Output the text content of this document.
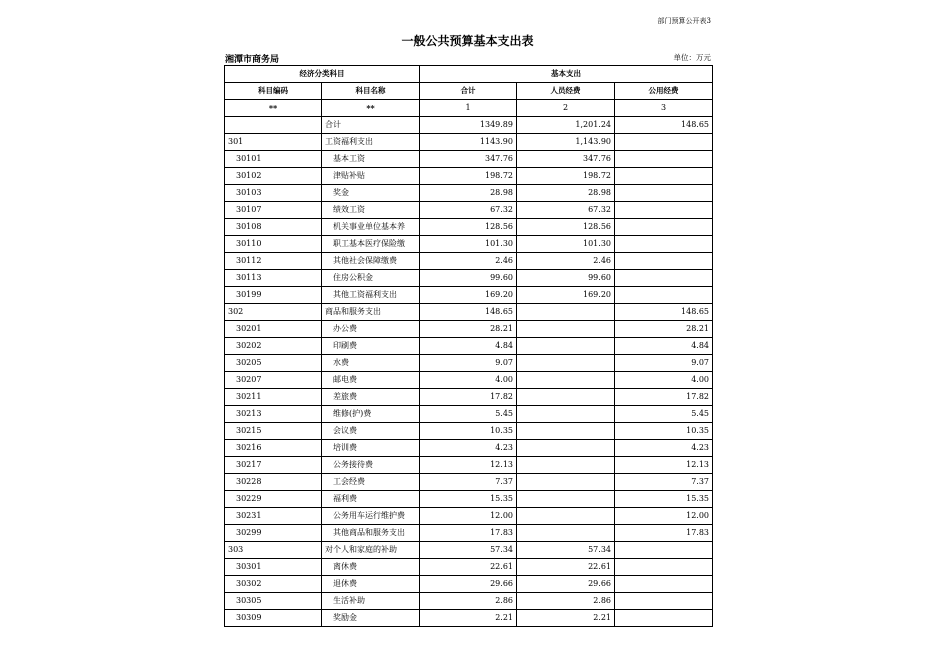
部门预算公开表3
一般公共预算基本支出表
湘潭市商务局	单位：万元
经济分类科目		基本支出		
科目编码	科目名称	合计	人员经费	公用经费
**	**	1	2	3
	合计	1349.89	1,201.24	148.65
301	工资福利支出	1143.90	1,143.90	
30101	基本工资	347.76	347.76	
30102	津贴补贴	198.72	198.72	
30103	奖金	28.98	28.98	
30107	绩效工资	67.32	67.32	
30108	机关事业单位基本养	128.56	128.56	
30110	职工基本医疗保险缴	101.30	101.30	
30112	其他社会保障缴费	2.46	2.46	
30113	住房公积金	99.60	99.60	
30199	其他工资福利支出	169.20	169.20	
302	商品和服务支出	148.65		148.65
30201	办公费	28.21		28.21
30202	印刷费	4.84		4.84
30205	水费	9.07		9.07
30207	邮电费	4.00		4.00
30211	差旅费	17.82		17.82
30213	维修(护)费	5.45		5.45
30215	会议费	10.35		10.35
30216	培训费	4.23		4.23
30217	公务接待费	12.13		12.13
30228	工会经费	7.37		7.37
30229	福利费	15.35		15.35
30231	公务用车运行维护费	12.00		12.00
30299	其他商品和服务支出	17.83		17.83
303	对个人和家庭的补助	57.34	57.34	
30301	离休费	22.61	22.61	
30302	退休费	29.66	29.66	
30305	生活补助	2.86	2.86	
30309	奖励金	2.21	2.21	
